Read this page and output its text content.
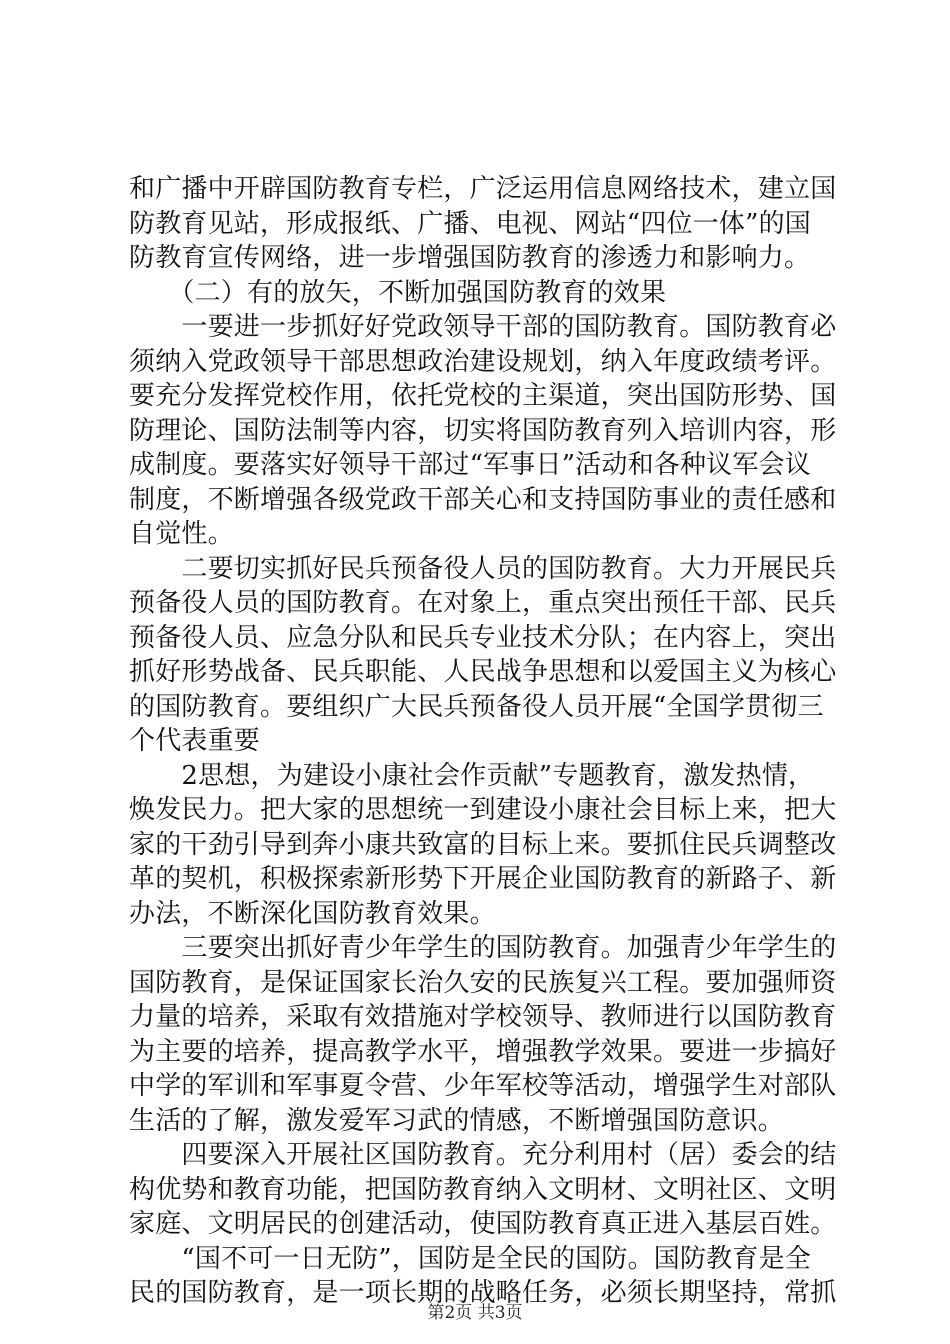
和广播中开辟国防教育专栏，广泛运用信息网络技术，建立国
防教育见站，形成报纸、广播、电视、网站“四位一体”的国
防教育宣传网络，进一步增强国防教育的渗透力和影响力。
　　（二）有的放矢，不断加强国防教育的效果
　　一要进一步抓好好党政领导干部的国防教育。国防教育必
须纳入党政领导干部思想政治建设规划，纳入年度政绩考评。
要充分发挥党校作用，依托党校的主渠道，突出国防形势、国
防理论、国防法制等内容，切实将国防教育列入培训内容，形
成制度。要落实好领导干部过“军事日”活动和各种议军会议
制度，不断增强各级党政干部关心和支持国防事业的责任感和
自觉性。
　　二要切实抓好民兵预备役人员的国防教育。大力开展民兵
预备役人员的国防教育。在对象上，重点突出预任干部、民兵
预备役人员、应急分队和民兵专业技术分队；在内容上，突出
抓好形势战备、民兵职能、人民战争思想和以爱国主义为核心
的国防教育。要组织广大民兵预备役人员开展“全国学贯彻三
个代表重要
　　2思想，为建设小康社会作贡献”专题教育，激发热情，
焕发民力。把大家的思想统一到建设小康社会目标上来，把大
家的干劲引导到奔小康共致富的目标上来。要抓住民兵调整改
革的契机，积极探索新形势下开展企业国防教育的新路子、新
办法，不断深化国防教育效果。
　　三要突出抓好青少年学生的国防教育。加强青少年学生的
国防教育，是保证国家长治久安的民族复兴工程。要加强师资
力量的培养，采取有效措施对学校领导、教师进行以国防教育
为主要的培养，提高教学水平，增强教学效果。要进一步搞好
中学的军训和军事夏令营、少年军校等活动，增强学生对部队
生活的了解，激发爱军习武的情感，不断增强国防意识。
　　四要深入开展社区国防教育。充分利用村（居）委会的结
构优势和教育功能，把国防教育纳入文明材、文明社区、文明
家庭、文明居民的创建活动，使国防教育真正进入基层百姓。
　　“国不可一日无防”，国防是全民的国防。国防教育是全
民的国防教育，是一项长期的战略任务，必须长期坚持，常抓
第2页 共3页
